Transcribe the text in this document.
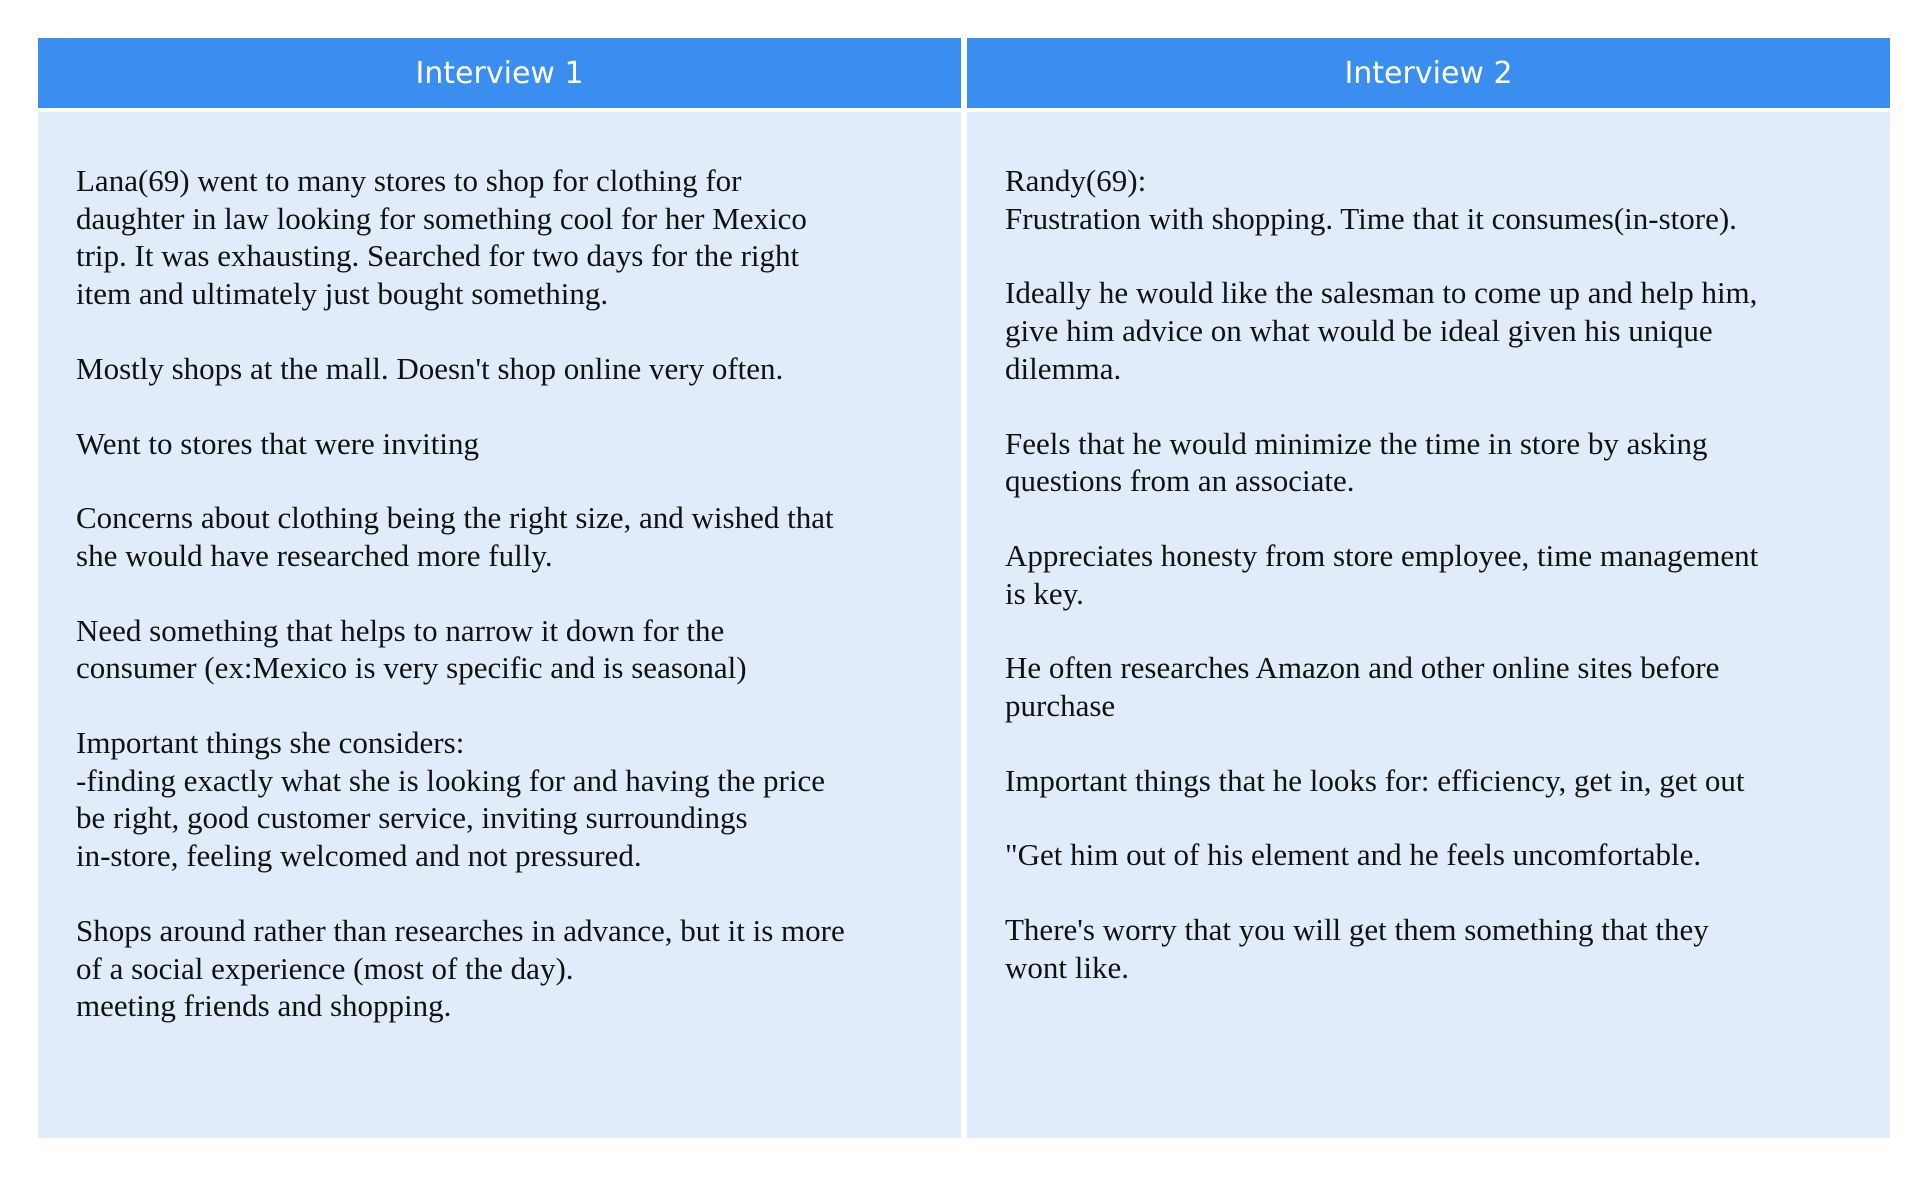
Interview 1

Lana(69) went to many stores to shop for clothing for
daughter in law looking for something cool for her Mexico
trip. It was exhausting. Searched for two days for the right
item and ultimately just bought something.

Mostly shops at the mall. Doesn't shop online very often.

Went to stores that were inviting

Concerns about clothing being the right size, and wished that
she would have researched more fully.

Need something that helps to narrow it down for the
consumer (ex:Mexico is very specific and is seasonal)

Important things she considers:
-finding exactly what she is looking for and having the price
be right, good customer service, inviting surroundings
in-store, feeling welcomed and not pressured.

Shops around rather than researches in advance, but it is more
of a social experience (most of the day).
meeting friends and shopping.

Interview 2

Randy(69):
Frustration with shopping. Time that it consumes(in-store).

Ideally he would like the salesman to come up and help him,
give him advice on what would be ideal given his unique
dilemma.

Feels that he would minimize the time in store by asking
questions from an associate.

Appreciates honesty from store employee, time management
is key.

He often researches Amazon and other online sites before
purchase

Important things that he looks for: efficiency, get in, get out

"Get him out of his element and he feels uncomfortable.

There's worry that you will get them something that they
wont like.
